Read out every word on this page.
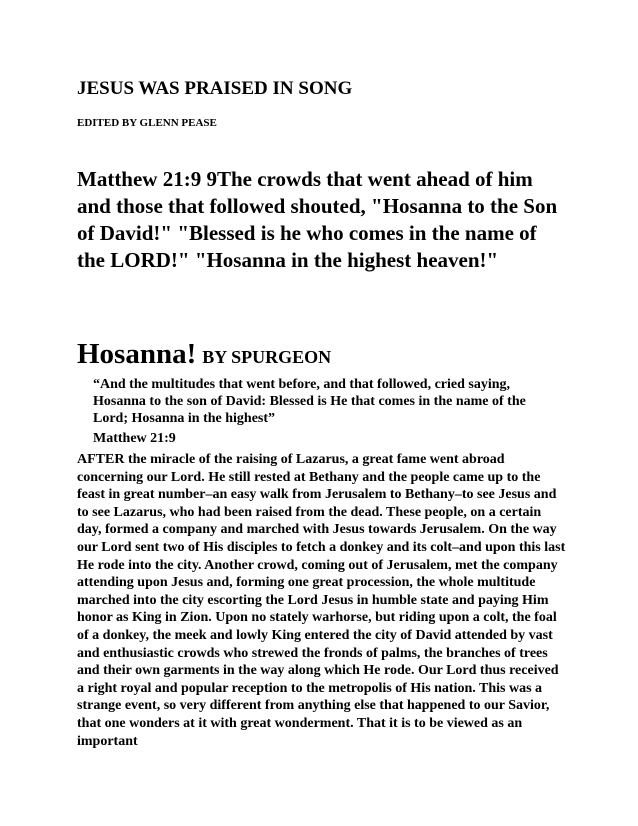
JESUS WAS PRAISED IN SONG
EDITED BY GLENN PEASE

Matthew 21:9 9The crowds that went ahead of him and those that followed shouted, "Hosanna to the Son of David!" "Blessed is he who comes in the name of the LORD!" "Hosanna in the highest heaven!"

Hosanna! BY SPURGEON

“And the multitudes that went before, and that followed, cried saying, Hosanna to the son of David: Blessed is He that comes in the name of the Lord; Hosanna in the highest”

Matthew 21:9

AFTER the miracle of the raising of Lazarus, a great fame went abroad concerning our Lord. He still rested at Bethany and the people came up to the feast in great number–an easy walk from Jerusalem to Bethany–to see Jesus and to see Lazarus, who had been raised from the dead. These people, on a certain day, formed a company and marched with Jesus towards Jerusalem. On the way our Lord sent two of His disciples to fetch a donkey and its colt–and upon this last He rode into the city. Another crowd, coming out of Jerusalem, met the company attending upon Jesus and, forming one great procession, the whole multitude marched into the city escorting the Lord Jesus in humble state and paying Him honor as King in Zion. Upon no stately warhorse, but riding upon a colt, the foal of a donkey, the meek and lowly King entered the city of David attended by vast and enthusiastic crowds who strewed the fronds of palms, the branches of trees and their own garments in the way along which He rode. Our Lord thus received a right royal and popular reception to the metropolis of His nation. This was a strange event, so very different from anything else that happened to our Savior, that one wonders at it with great wonderment. That it is to be viewed as an important
